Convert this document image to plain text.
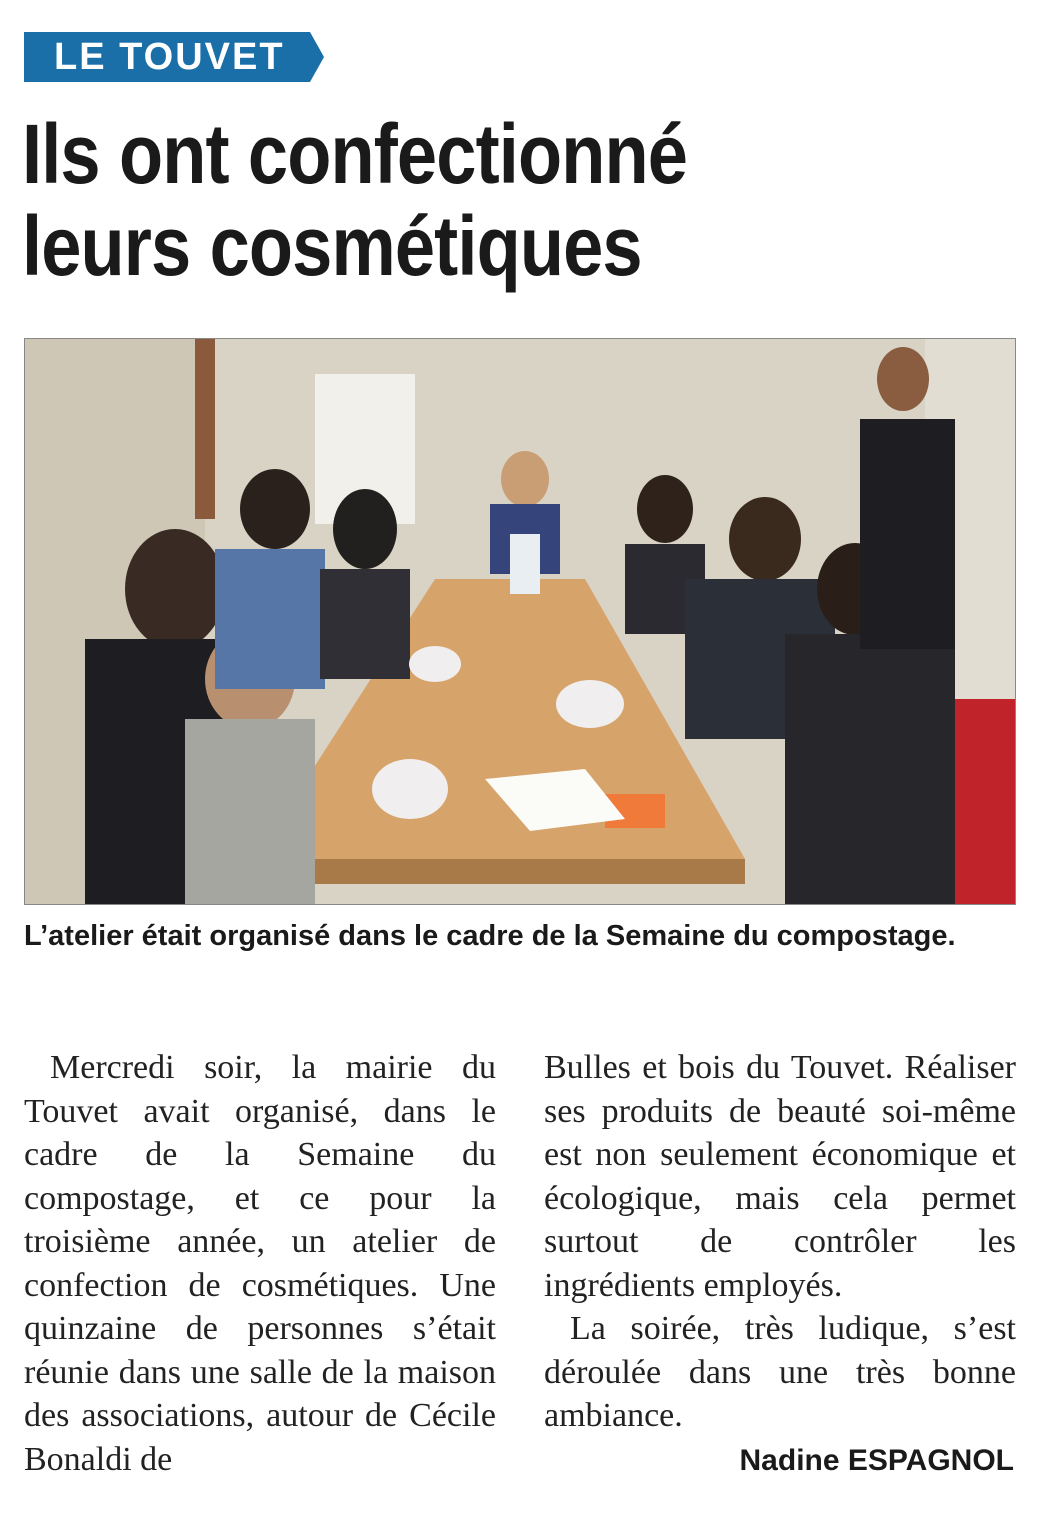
LE TOUVET
Ils ont confectionné
leurs cosmétiques
L’atelier était organisé dans le cadre de la Semaine du compostage.

Mercredi soir, la mairie du Touvet avait organisé, dans le cadre de la Semaine du compostage, et ce pour la troisième année, un atelier de confection de cosmétiques. Une quinzaine de personnes s’était réunie dans une salle de la maison des associations, autour de Cécile Bonaldi de

Bulles et bois du Touvet. Réaliser ses produits de beauté soi-même est non seulement économique et écologique, mais cela permet surtout de contrôler les ingrédients employés.

La soirée, très ludique, s’est déroulée dans une très bonne ambiance.

Nadine ESPAGNOL
